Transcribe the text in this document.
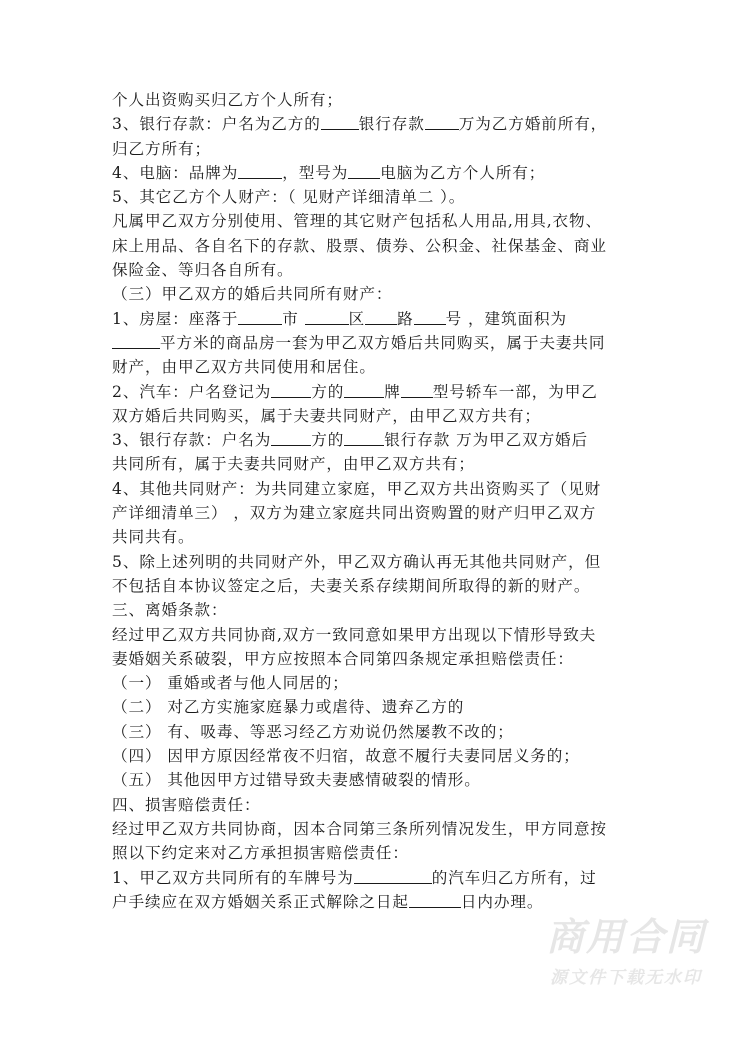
个人出资购买归乙方个人所有；
3、银行存款：户名为乙方的 银行存款 万为乙方婚前所有，
归乙方所有；
4、电脑：品牌为	，型号为 电脑为乙方个人所有；
5、其它乙方个人财产：（ 见财产详细清单二 ）。
凡属甲乙双方分别使用、管理的其它财产包括私人用品,用具,衣物、
床上用品、各自名下的存款、股票、债券、公积金、社保基金、商业
保险金、等归各自所有。
（三）甲乙双方的婚后共同所有财产：
1、房屋：座落于	市	区 路 号 ，建筑面积为
平方米的商品房一套为甲乙双方婚后共同购买，属于夫妻共同
财产，由甲乙双方共同使用和居住。
2、汽车：户名登记为	方的	牌 型号轿车一部，为甲乙
双方婚后共同购买，属于夫妻共同财产，由甲乙双方共有；
3、银行存款：户名为	方的	银行存款 万为甲乙双方婚后
共同所有，属于夫妻共同财产，由甲乙双方共有；
4、其他共同财产：为共同建立家庭，甲乙双方共出资购买了（见财
产详细清单三） ，双方为建立家庭共同出资购置的财产归甲乙双方
共同共有。
5、除上述列明的共同财产外，甲乙双方确认再无其他共同财产，但
不包括自本协议签定之后，夫妻关系存续期间所取得的新的财产。
三、离婚条款：
经过甲乙双方共同协商,双方一致同意如果甲方出现以下情形导致夫
妻婚姻关系破裂，甲方应按照本合同第四条规定承担赔偿责任：
（一） 重婚或者与他人同居的；
（二） 对乙方实施家庭暴力或虐待、遗弃乙方的
（三） 有、吸毒、等恶习经乙方劝说仍然屡教不改的；
（四） 因甲方原因经常夜不归宿，故意不履行夫妻同居义务的；
（五） 其他因甲方过错导致夫妻感情破裂的情形。
四、损害赔偿责任：
经过甲乙双方共同协商，因本合同第三条所列情况发生，甲方同意按
照以下约定来对乙方承担损害赔偿责任：
1、甲乙双方共同所有的车牌号为	的汽车归乙方所有，过
户手续应在双方婚姻关系正式解除之日起	日内办理。
商用合同
源文件下载无水印
